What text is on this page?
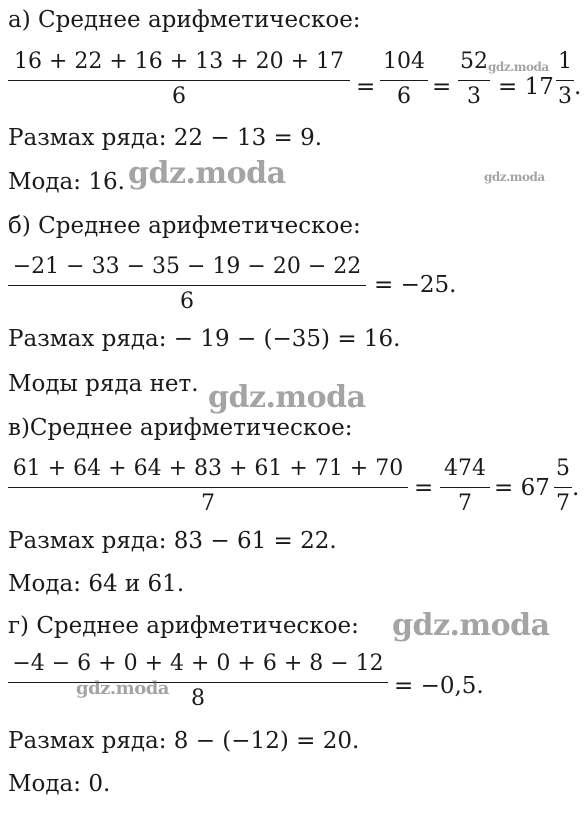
а) Среднее арифметическое:
16 + 22 + 16 + 13 + 20 + 17
6	=
104
6 =
52
3 = 17
1
3 .
Размах ряда: 22 − 13 = 9.
Мода: 16.
б) Среднее арифметическое:
−21 − 33 − 35 − 19 − 20 − 22
6
= −25.
Размах ряда: − 19 − (−35) = 16.
Моды ряда нет.
в)Среднее арифметическое:
61 + 64 + 64 + 83 + 61 + 71 + 70
7
=
474
7
= 67
5
7
.
Размах ряда: 83 − 61 = 22.
Мода: 64 и 61.
г) Среднее арифметическое:
−4 − 6 + 0 + 4 + 0 + 6 + 8 − 12
8	= −0,5.
Размах ряда: 8 − (−12) = 20.
Мода: 0.
gdz.moda
gdz.moda	gdz.moda
gdz.moda
gdz.moda
gdz.moda
